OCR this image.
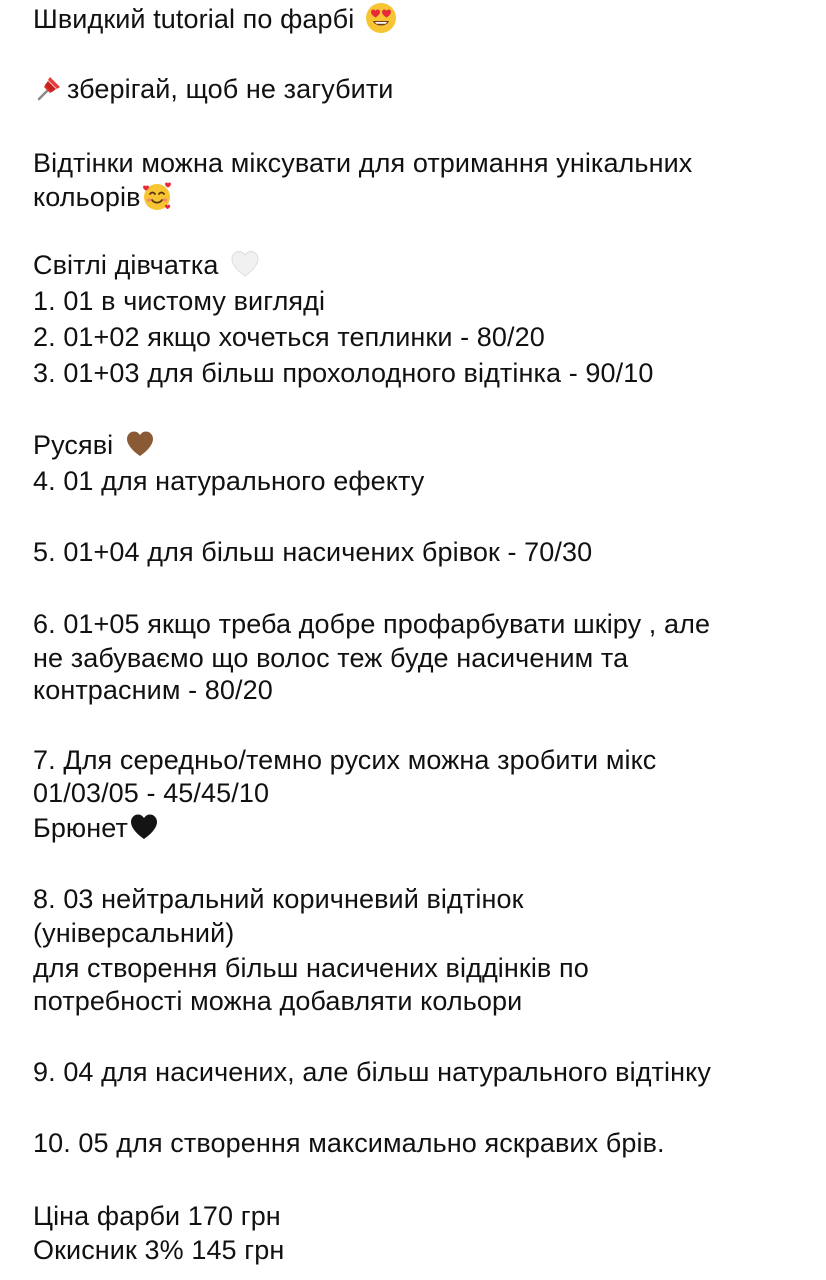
Швидкий tutorial по фарбі
зберігай, щоб не загубити
Відтінки можна міксувати для отримання унікальних
кольорів
Світлі дівчатка
1. 01 в чистому вигляді
2. 01+02 якщо хочеться теплинки - 80/20
3. 01+03 для більш прохолодного відтінка - 90/10
Русяві
4. 01 для натурального ефекту
5. 01+04 для більш насичених брівок - 70/30
6. 01+05 якщо треба добре профарбувати шкіру , але
не забуваємо що волос теж буде насиченим та
контрасним - 80/20
7. Для середньо/темно русих можна зробити мікс
01/03/05 - 45/45/10
Брюнет
8. 03 нейтральний коричневий відтінок
(універсальний)
для створення більш насичених віддінків по
потребності можна добавляти кольори
9. 04 для насичених, але більш натурального відтінку
10. 05 для створення максимально яскравих брів.
Ціна фарби 170 грн
Окисник 3% 145 грн
